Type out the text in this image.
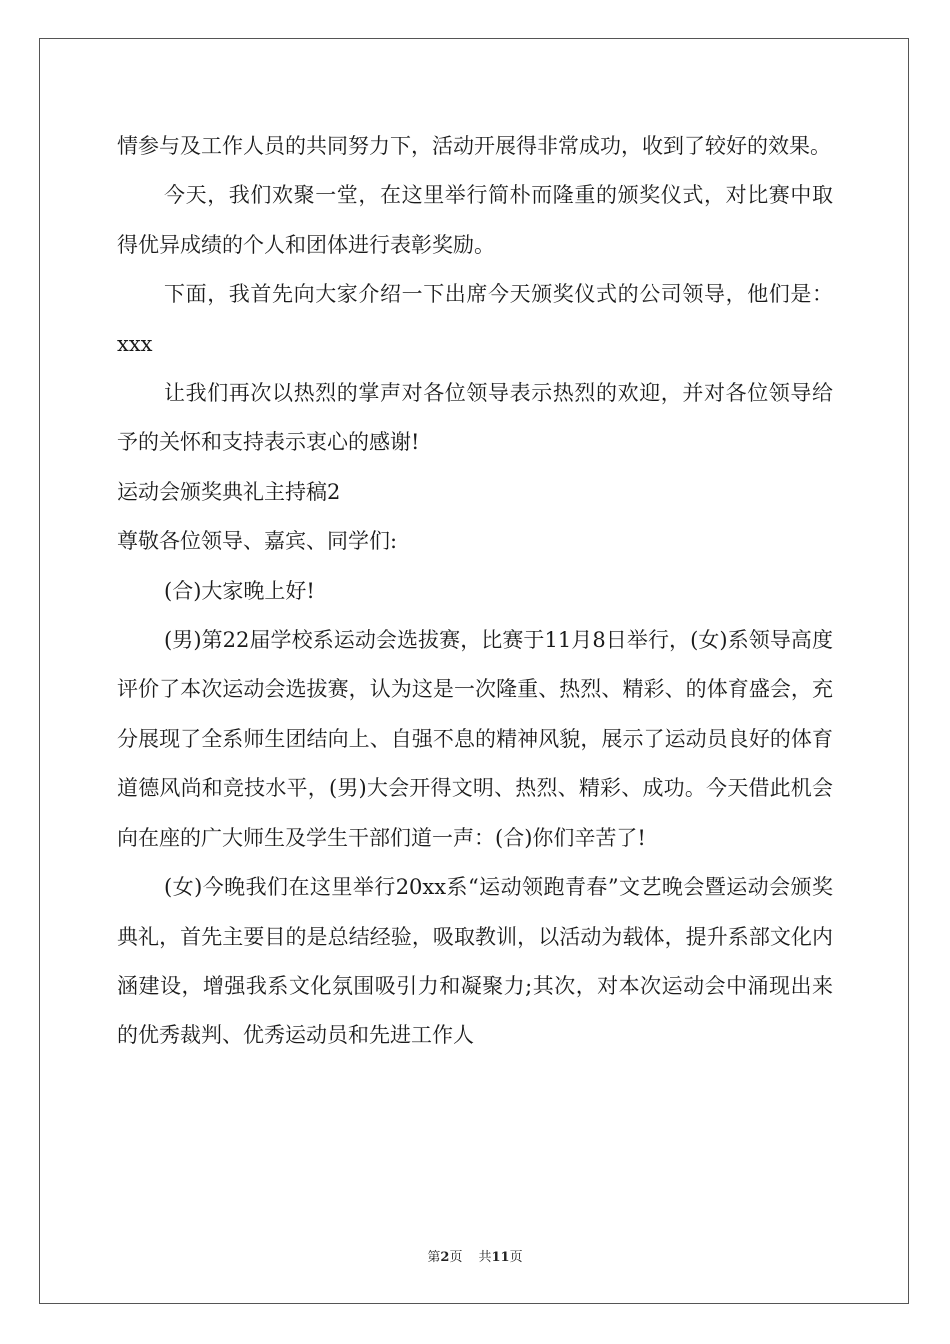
情参与及工作人员的共同努力下，活动开展得非常成功，收到了较好的效果。

今天，我们欢聚一堂，在这里举行简朴而隆重的颁奖仪式，对比赛中取得优异成绩的个人和团体进行表彰奖励。

下面，我首先向大家介绍一下出席今天颁奖仪式的公司领导，他们是：xxx

让我们再次以热烈的掌声对各位领导表示热烈的欢迎，并对各位领导给予的关怀和支持表示衷心的感谢!

运动会颁奖典礼主持稿2

尊敬各位领导、嘉宾、同学们:

(合)大家晚上好!

(男)第22届学校系运动会选拔赛，比赛于11月8日举行，(女)系领导高度评价了本次运动会选拔赛，认为这是一次隆重、热烈、精彩、的体育盛会，充分展现了全系师生团结向上、自强不息的精神风貌，展示了运动员良好的体育道德风尚和竞技水平，(男)大会开得文明、热烈、精彩、成功。今天借此机会向在座的广大师生及学生干部们道一声：(合)你们辛苦了!

(女)今晚我们在这里举行20xx系“运动领跑青春”文艺晚会暨运动会颁奖典礼，首先主要目的是总结经验，吸取教训，以活动为载体，提升系部文化内涵建设，增强我系文化氛围吸引力和凝聚力;其次，对本次运动会中涌现出来的优秀裁判、优秀运动员和先进工作人

第2页 共11页
